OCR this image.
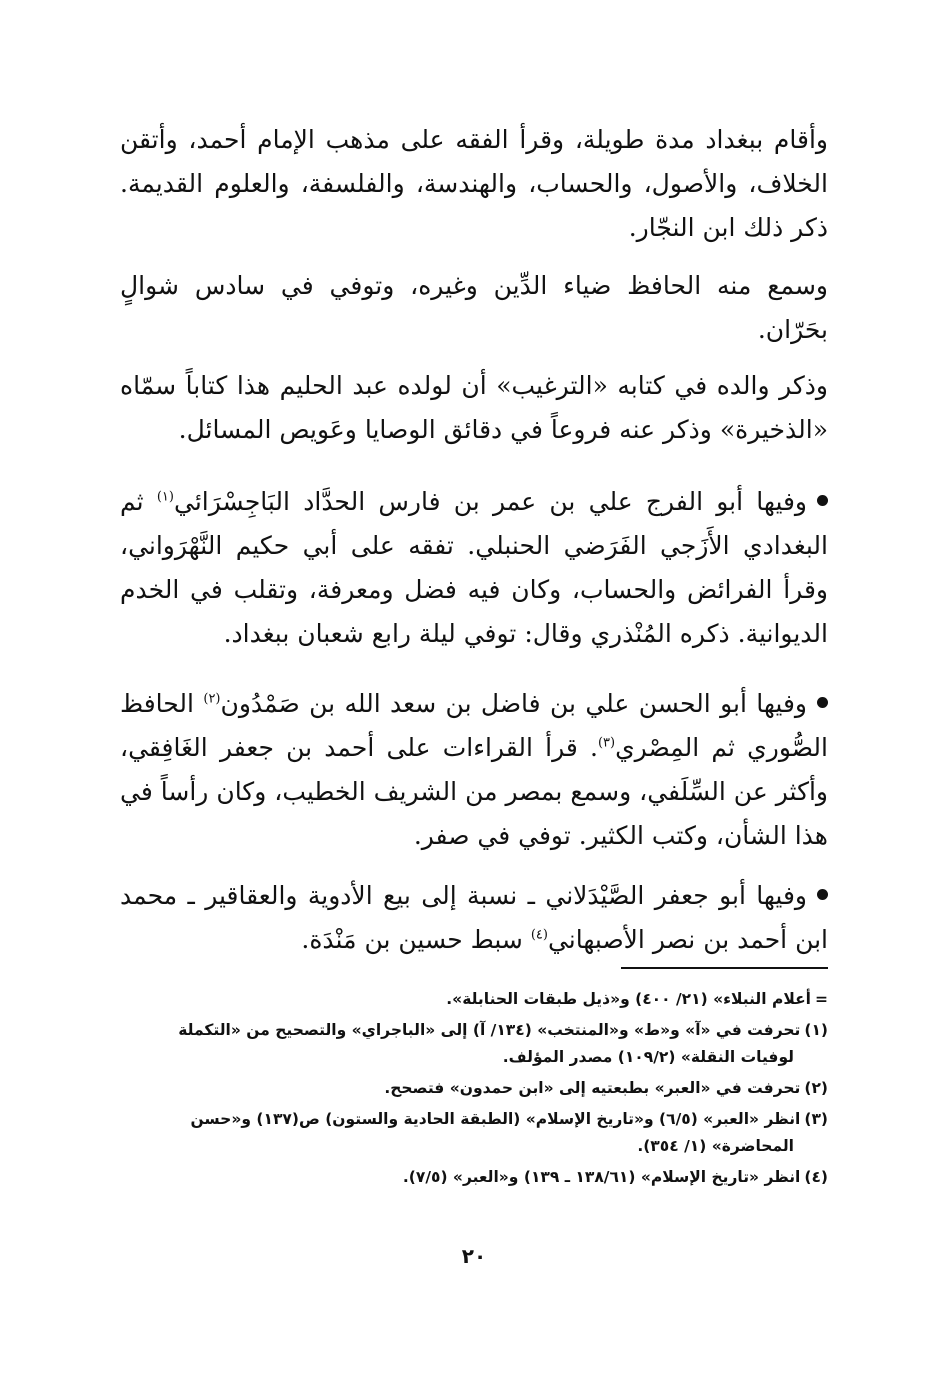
وأقام ببغداد مدة طويلة، وقرأ الفقه على مذهب الإمام أحمد، وأتقن الخلاف، والأصول، والحساب، والهندسة، والفلسفة، والعلوم القديمة. ذكر ذلك ابن النجّار.

وسمع منه الحافظ ضياء الدِّين وغيره، وتوفي في سادس شوالٍ بحَرّان.

وذكر والده في كتابه «الترغيب» أن لولده عبد الحليم هذا كتاباً سمّاه «الذخيرة» وذكر عنه فروعاً في دقائق الوصايا وعَويص المسائل.

وفيها أبو الفرج علي بن عمر بن فارس الحدَّاد البَاجِسْرَائي$^{(١)}$ ثم البغدادي الأَزَجي الفَرَضي الحنبلي. تفقه على أبي حكيم النَّهْرَواني، وقرأ الفرائض والحساب، وكان فيه فضل ومعرفة، وتقلب في الخدم الديوانية. ذكره المُنْذري وقال: توفي ليلة رابع شعبان ببغداد.

وفيها أبو الحسن علي بن فاضل بن سعد الله بن صَمْدُون$^{(٢)}$ الحافظ الصُّوري ثم المِصْري$^{(٣)}$. قرأ القراءات على أحمد بن جعفر الغَافِقي، وأكثر عن السِّلَفي، وسمع بمصر من الشريف الخطيب، وكان رأساً في هذا الشأن، وكتب الكثير. توفي في صفر.

وفيها أبو جعفر الصَّيْدَلاني ـ نسبة إلى بيع الأدوية والعقاقير ـ محمد ابن أحمد بن نصر الأصبهاني$^{(٤)}$ سبط حسين بن مَنْدَة.

=أعلام النبلاء» (٢١/ ٤٠٠) و«ذيل طبقات الحنابلة».

(١)تحرفت في «آ» و«ط» و«المنتخب» (١٣٤/ آ) إلى «الباجراي» والتصحيح من «التكملة
لوفيات النقلة» (١٠٩/٢) مصدر المؤلف.

(٢)تحرفت في «العبر» بطبعتيه إلى «ابن حمدون» فتصحح.

(٣)انظر «العبر» (٦/٥) و«تاريخ الإسلام» (الطبقة الحادية والستون) ص(١٣٧) و«حسن
المحاضرة» (١/ ٣٥٤).

(٤)انظر «تاريخ الإسلام» (١٣٨/٦١ ـ ١٣٩) و«العبر» (٧/٥).

٢٠
